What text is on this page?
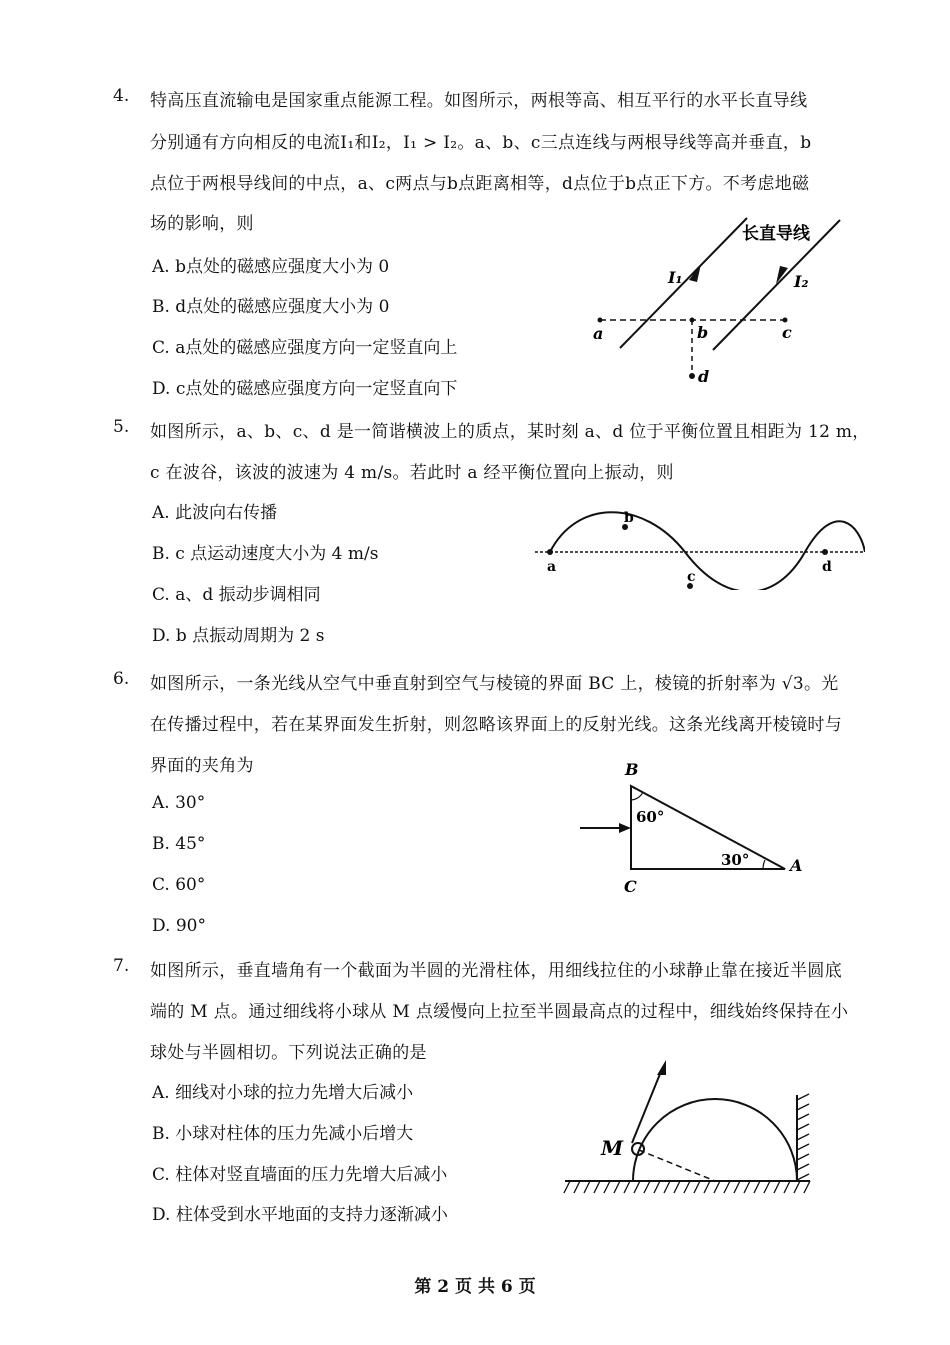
4. 特高压直流输电是国家重点能源工程。如图所示，两根等高、相互平行的水平长直导线
分别通有方向相反的电流I₁和I₂，I₁ > I₂。a、b、c三点连线与两根导线等高并垂直，b
点位于两根导线间的中点，a、c两点与b点距离相等，d点位于b点正下方。不考虑地磁
场的影响，则
A. b点处的磁感应强度大小为 0
B. d点处的磁感应强度大小为 0
C. a点处的磁感应强度方向一定竖直向上
D. c点处的磁感应强度方向一定竖直向下
长直导线
I₁	I₂
a	b	c
d
5. 如图所示，a、b、c、d 是一简谐横波上的质点，某时刻 a、d 位于平衡位置且相距为 12 m，
c 在波谷，该波的波速为 4 m/s。若此时 a 经平衡位置向上振动，则
A. 此波向右传播
B. c 点运动速度大小为 4 m/s
C. a、d 振动步调相同
D. b 点振动周期为 2 s
a
b
c
d
6. 如图所示，一条光线从空气中垂直射到空气与棱镜的界面 BC 上，棱镜的折射率为 √3。光
在传播过程中，若在某界面发生折射，则忽略该界面上的反射光线。这条光线离开棱镜时与
界面的夹角为
A. 30°
B. 45°
C. 60°
D. 90°
B
C
A
60°
30°
7. 如图所示，垂直墙角有一个截面为半圆的光滑柱体，用细线拉住的小球静止靠在接近半圆底
端的 M 点。通过细线将小球从 M 点缓慢向上拉至半圆最高点的过程中，细线始终保持在小
球处与半圆相切。下列说法正确的是
A. 细线对小球的拉力先增大后减小
B. 小球对柱体的压力先减小后增大
C. 柱体对竖直墙面的压力先增大后减小
D. 柱体受到水平地面的支持力逐渐减小
M
第 2 页 共 6 页
